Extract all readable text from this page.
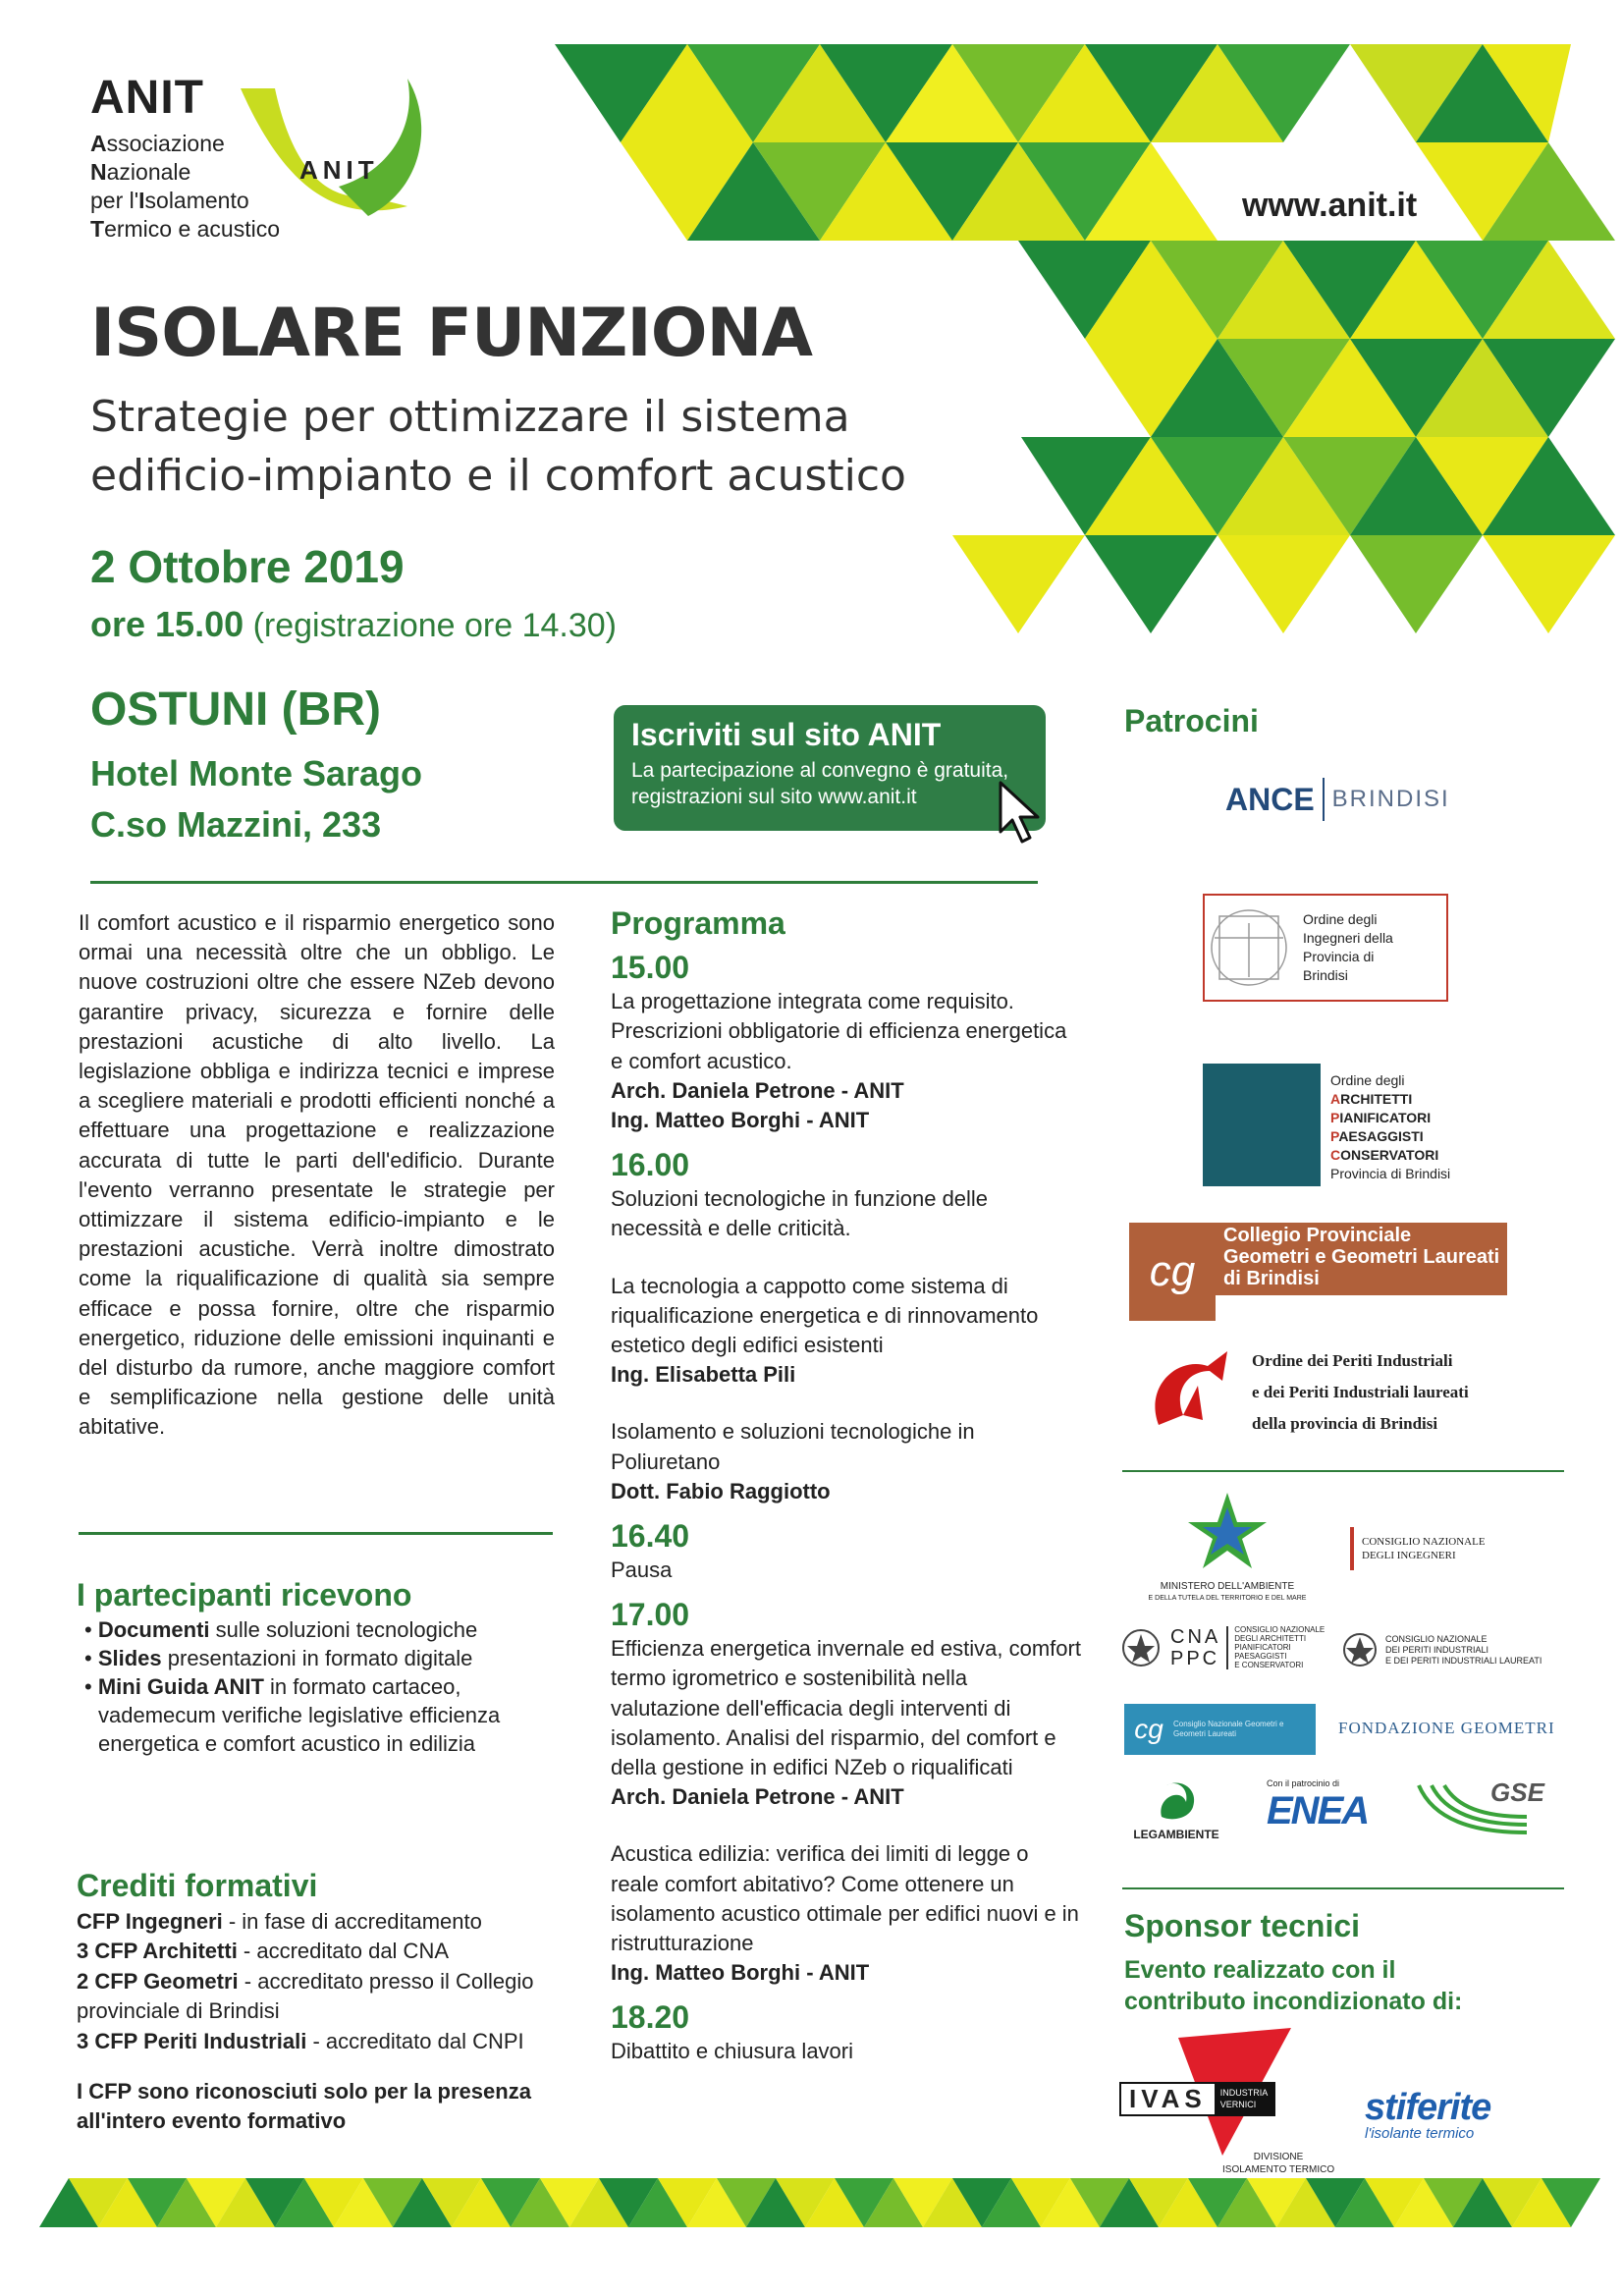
ANIT
ANIT
Associazione
Nazionale
per l'Isolamento
Termico e acustico
www.anit.it
ISOLARE FUNZIONA
Strategie per ottimizzare il sistema
edificio-impianto e il comfort acustico
2 Ottobre 2019
ore 15.00 (registrazione ore 14.30)
OSTUNI (BR)
Hotel Monte Sarago
C.so Mazzini, 233
Iscriviti sul sito ANIT
La partecipazione al convegno è gratuita,
registrazioni sul sito www.anit.it
Il comfort acustico e il risparmio energetico sono ormai una necessità oltre che un obbligo. Le nuove costruzioni oltre che essere NZeb devono garantire privacy, sicurezza e fornire delle prestazioni acustiche di alto livello. La legislazione obbliga e indirizza tecnici e imprese a scegliere materiali e prodotti efficienti nonché a effettuare una progettazione e realizzazione accurata di tutte le parti dell'edificio. Durante l'evento verranno presentate le strategie per ottimizzare il sistema edificio-impianto e le prestazioni acustiche. Verrà inoltre dimostrato come la riqualificazione di qualità sia sempre efficace e possa fornire, oltre che risparmio energetico, riduzione delle emissioni inquinanti e del disturbo da rumore, anche maggiore comfort e semplificazione nella gestione delle unità abitative.
I partecipanti ricevono
• Documenti sulle soluzioni tecnologiche
• Slides presentazioni in formato digitale
• Mini Guida ANIT in formato cartaceo, vademecum verifiche legislative efficienza energetica e comfort acustico in edilizia
Crediti formativi
CFP Ingegneri - in fase di accreditamento
3 CFP Architetti - accreditato dal CNA
2 CFP Geometri - accreditato presso il Collegio provinciale di Brindisi
3 CFP Periti Industriali - accreditato dal CNPI
I CFP sono riconosciuti solo per la presenza all'intero evento formativo
Programma
15.00
La progettazione integrata come requisito. Prescrizioni obbligatorie di efficienza energetica e comfort acustico.
Arch. Daniela Petrone - ANIT
Ing. Matteo Borghi - ANIT
16.00
Soluzioni tecnologiche in funzione delle necessità e delle criticità.
La tecnologia a cappotto come sistema di riqualificazione energetica e di rinnovamento estetico degli edifici esistenti
Ing. Elisabetta Pili
Isolamento e soluzioni tecnologiche in Poliuretano
Dott. Fabio Raggiotto
16.40
Pausa
17.00
Efficienza energetica invernale ed estiva, comfort termo igrometrico e sostenibilità nella valutazione dell'efficacia degli interventi di isolamento. Analisi del risparmio, del comfort e della gestione in edifici NZeb o riqualificati
Arch. Daniela Petrone - ANIT
Acustica edilizia: verifica dei limiti di legge o reale comfort abitativo? Come ottenere un isolamento acustico ottimale per edifici nuovi e in ristrutturazione
Ing. Matteo Borghi - ANIT
18.20
Dibattito e chiusura lavori
Patrocini
ANCE BRINDISI
Ordine degli Ingegneri della Provincia di Brindisi
Ordine degli
ARCHITETTI
PIANIFICATORI
PAESAGGISTI
CONSERVATORI
Provincia di Brindisi
cg
Collegio Provinciale
Geometri e Geometri Laureati
di Brindisi
Ordine dei Periti Industriali
e dei Periti Industriali laureati
della provincia di Brindisi
MINISTERO DELL'AMBIENTE
E DELLA TUTELA DEL TERRITORIO E DEL MARE
CONSIGLIO NAZIONALE
DEGLI INGEGNERI
CNA
PPC
CONSIGLIO NAZIONALE
DEGLI ARCHITETTI
PIANIFICATORI
PAESAGGISTI
E CONSERVATORI
CONSIGLIO NAZIONALE
DEI PERITI INDUSTRIALI
E DEI PERITI INDUSTRIALI LAUREATI
cg	Consiglio Nazionale Geometri e Geometri Laureati	FONDAZIONE GEOMETRI
LEGAMBIENTE
Con il patrocinio di
ENEA	GSE
Sponsor tecnici
Evento realizzato con il
contributo incondizionato di:
IVAS	INDUSTRIA
VERNICI
DIVISIONE
ISOLAMENTO TERMICO
stiferite
l'isolante termico
